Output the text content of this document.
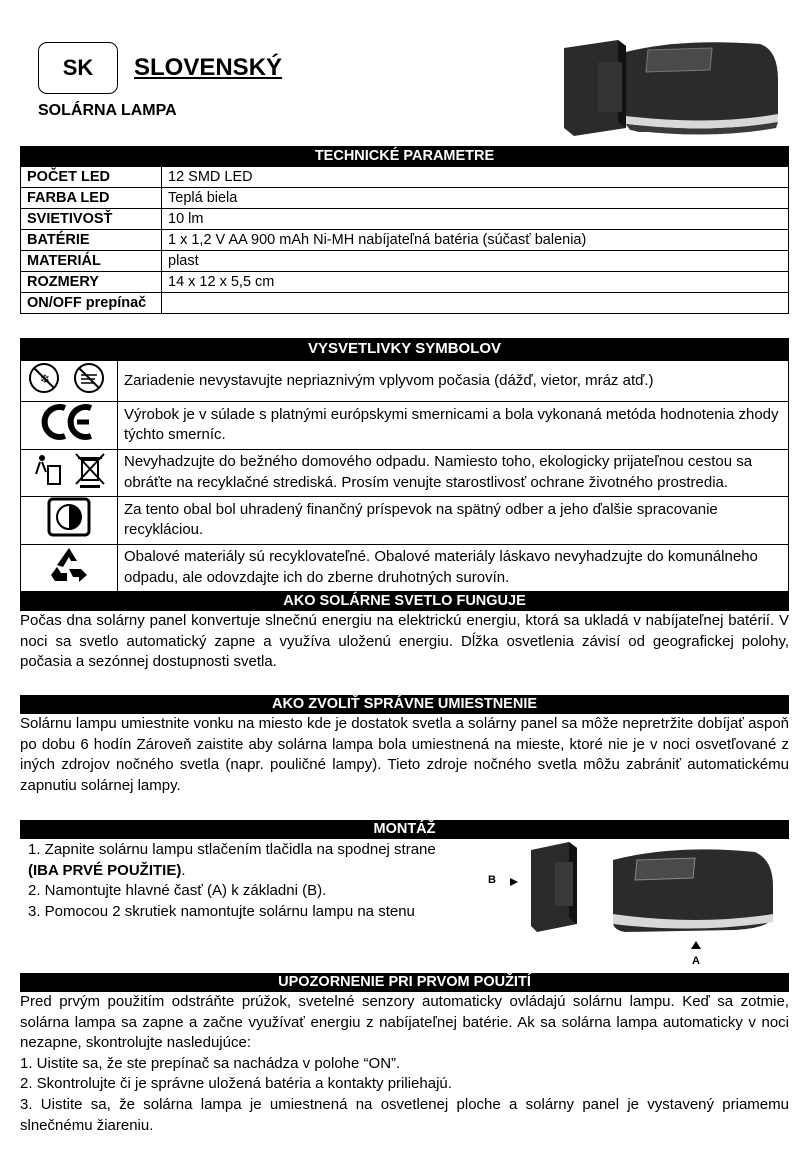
SK SLOVENSKÝ
SOLÁRNA LAMPA
TECHNICKÉ PARAMETRE	
POČET LED	12 SMD LED
FARBA LED	Teplá biela
SVIETIVOSŤ	10 lm
BATÉRIE	1 x 1,2 V AA 900 mAh Ni-MH nabíjateľná batéria (súčasť balenia)
MATERIÁL	plast
ROZMERY	14 x 12 x 5,5 cm
ON/OFF prepínač	
VYSVETLIVKY SYMBOLOV	

❄	Zariadenie nevystavujte nepriaznivým vplyvom počasia (dážď, vietor, mráz atď.)
	Výrobok je v súlade s platnými európskymi smernicami a bola vykonaná metóda hodnotenia zhody týchto smerníc.
	Nevyhadzujte do bežného domového odpadu. Namiesto toho, ekologicky prijateľnou cestou sa obráťte na recyklačné strediská. Prosím venujte starostlivosť ochrane životného prostredia.
	Za tento obal bol uhradený finančný príspevok na spätný odber a jeho ďalšie spracovanie recykláciou.
	Obalové materiály sú recyklovateľné. Obalové materiály láskavo nevyhadzujte do komunálneho odpadu, ale odovzdajte ich do zberne druhotných surovín.
AKO SOLÁRNE SVETLO FUNGUJE

Počas dna solárny panel konvertuje slnečnú energiu na elektrickú energiu, ktorá sa ukladá v nabíjateľnej batérií. V noci sa svetlo automatický zapne a využíva uloženú energiu. Dĺžka osvetlenia závisí od geografickej polohy, počasia a sezónnej dostupnosti svetla.

AKO ZVOLIŤ SPRÁVNE UMIESTNENIE

Solárnu lampu umiestnite vonku na miesto kde je dostatok svetla a solárny panel sa môže nepretržite dobíjať aspoň po dobu 6 hodín Zároveň zaistite aby solárna lampa bola umiestnená na mieste, ktoré nie je v noci osvetľované z iných zdrojov nočného svetla (napr. pouličné lampy). Tieto zdroje nočného svetla môžu zabrániť automatickému zapnutiu solárnej lampy.

MONTÁŽ

1. Zapnite solárnu lampu stlačením tlačidla na spodnej strane
(IBA PRVÉ POUŽITIE).

2. Namontujte hlavné časť (A) k základni (B).

3. Pomocou 2 skrutiek namontujte solárnu lampu na stenu

B
A
UPOZORNENIE PRI PRVOM POUŽITÍ

Pred prvým použitím odstráňte prúžok, svetelné senzory automaticky ovládajú solárnu lampu. Keď sa zotmie, solárna lampa sa zapne a začne využívať energiu z nabíjateľnej batérie. Ak sa solárna lampa automaticky v noci nezapne, skontrolujte nasledujúce:

1. Uistite sa, že ste prepínač sa nachádza v polohe “ON”.

2. Skontrolujte či je správne uložená batéria a kontakty priliehajú.

3. Uistite sa, že solárna lampa je umiestnená na osvetlenej ploche a solárny panel je vystavený priamemu slnečnému žiareniu.
